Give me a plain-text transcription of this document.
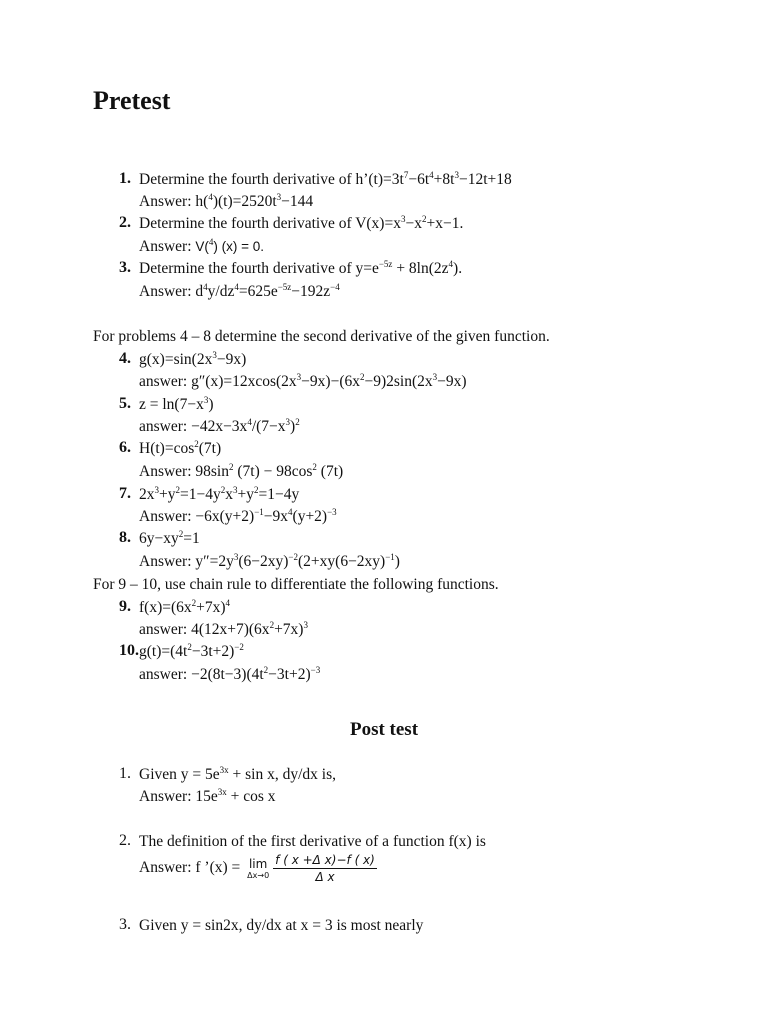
Pretest
1. Determine the fourth derivative of $h’(t)=3t^7-6t^4+8t^3-12t+18$
Answer: $h(^4)(t)=2520t^3-144$
2. Determine the fourth derivative of $V(x)=x^3-x^2+x-1$.
Answer: V($^4$) (x) = 0.
3. Determine the fourth derivative of $y=e^{-5z} + 8\ln(2z^4)$.
Answer: $d^4y/dz^4=625e^{-5z}-192z^{-4}$
For problems 4 – 8 determine the second derivative of the given function.
4. $g(x)=\sin(2x^3-9x)$
answer: $g''(x)=12xcos(2x^3-9x)-(6x^2-9)2\sin(2x^3-9x)$
5. $z = \ln(7-x^3)$
answer: $-42x-3x^4/(7-x^3)^2$
6. $H(t)=\cos^2(7t)$
Answer: $98\sin^2$ $(7t) - 98\cos^2$ (7t)
7. $2x^3+y^2=1-4y^2x^3+y^2=1-4y$
Answer: $-6x(y+2)^{-1}-9x^4(y+2)^{-3}$
8. $6y-xy^2=1$
Answer: $y''=2y^3(6-2xy)^{-2}(2+xy(6-2xy)^{-1})$
For 9 – 10, use chain rule to differentiate the following functions.
9. $f(x)=(6x^2+7x)^4$
answer: $4(12x+7)(6x^2+7x)^3$
10. $g(t)=(4t^2-3t+2)^{-2}$
answer: $-2(8t-3)(4t^2-3t+2)^{-3}$
Post test
1. Given $y = 5e^{3x} + \sin x$, dy/dx is,
Answer: $15e^{3x} + \cos x$
2. The definition of the first derivative of a function f(x) is
Answer: f ’(x) = lim
$\Delta x\to 0 \frac{\text{f ( x +Δ x)−f ( x)}}{\text{Δ x}}$
3. Given y = sin2x, dy/dx at x = 3 is most nearly
